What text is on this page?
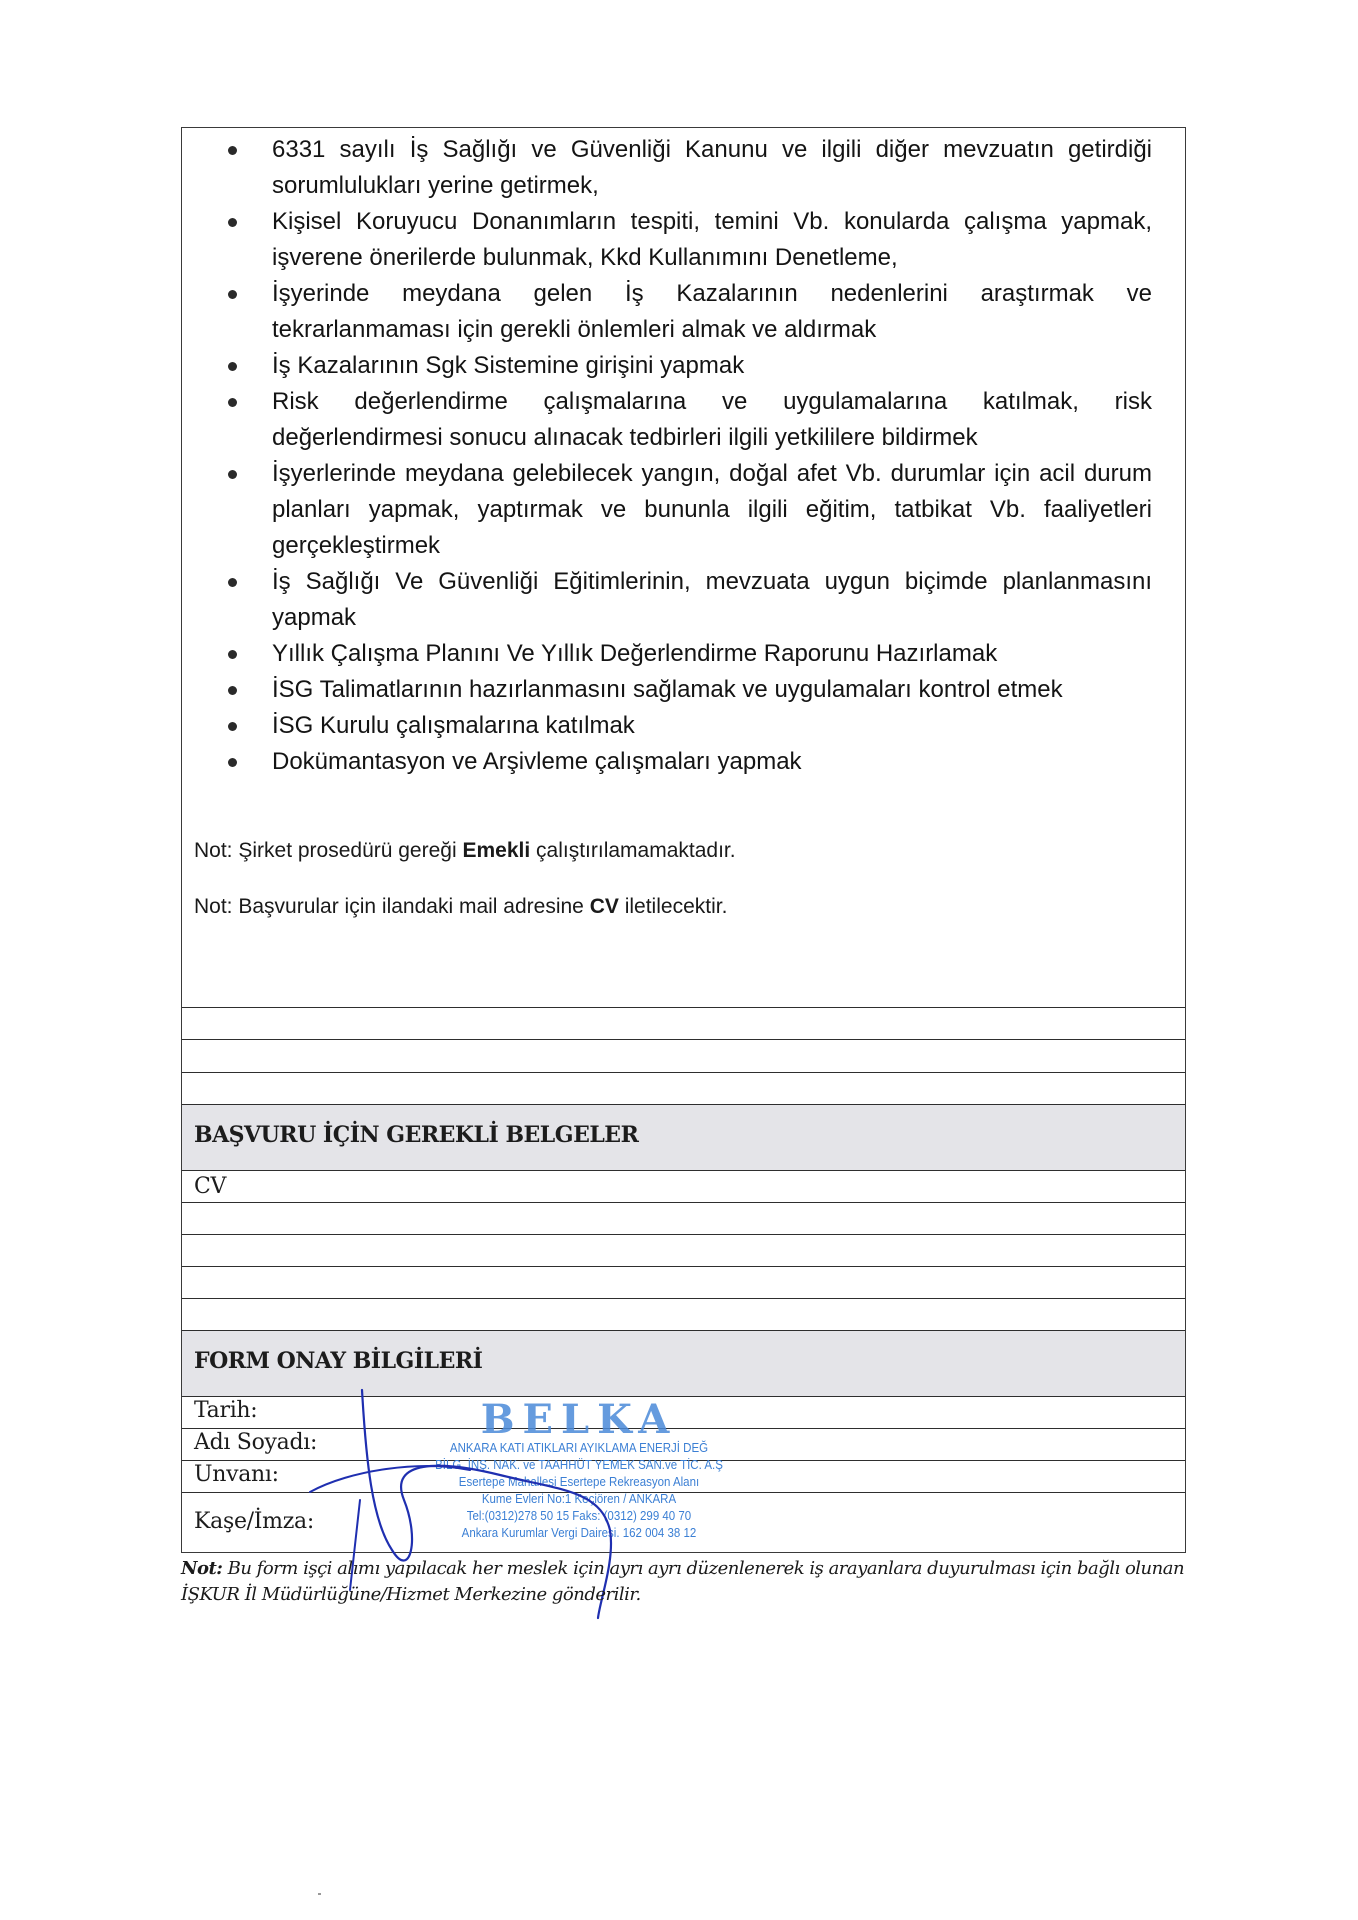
6331 sayılı İş Sağlığı ve Güvenliği Kanunu ve ilgili diğer mevzuatın getirdiği sorumlulukları yerine getirmek,
Kişisel Koruyucu Donanımların tespiti, temini Vb. konularda çalışma yapmak, işverene önerilerde bulunmak, Kkd Kullanımını Denetleme,
İşyerinde meydana gelen İş Kazalarının nedenlerini araştırmak ve tekrarlanmaması için gerekli önlemleri almak ve aldırmak
İş Kazalarının Sgk Sistemine girişini yapmak
Risk değerlendirme çalışmalarına ve uygulamalarına katılmak, risk değerlendirmesi sonucu alınacak tedbirleri ilgili yetkililere bildirmek
İşyerlerinde meydana gelebilecek yangın, doğal afet Vb. durumlar için acil durum planları yapmak, yaptırmak ve bununla ilgili eğitim, tatbikat Vb. faaliyetleri gerçekleştirmek
İş Sağlığı Ve Güvenliği Eğitimlerinin, mevzuata uygun biçimde planlanmasını yapmak
Yıllık Çalışma Planını Ve Yıllık Değerlendirme Raporunu Hazırlamak
İSG Talimatlarının hazırlanmasını sağlamak ve uygulamaları kontrol etmek
İSG Kurulu çalışmalarına katılmak
Dokümantasyon ve Arşivleme çalışmaları yapmak
Not: Şirket prosedürü gereği Emekli çalıştırılamamaktadır.
Not: Başvurular için ilandaki mail adresine CV iletilecektir.
BAŞVURU İÇİN GEREKLİ BELGELER
CV
FORM ONAY BİLGİLERİ
Tarih:
Adı Soyadı:
Unvanı:
Kaşe/İmza:
BELKA
ANKARA KATI ATIKLARI AYIKLAMA ENERJİ DEĞ
BİLG. İNŞ. NAK. ve TAAHHÜT YEMEK SAN.ve TİC. A.Ş
Esertepe Mahallesi Esertepe Rekreasyon Alanı
Kume Evleri No:1 Keçiören / ANKARA
Tel:(0312)278 50 15 Faks: (0312) 299 40 70
Ankara Kurumlar Vergi Dairesi. 162 004 38 12
Not: Bu form işçi alımı yapılacak her meslek için ayrı ayrı düzenlenerek iş arayanlara duyurulması için bağlı olunan İŞKUR İl Müdürlüğüne/Hizmet Merkezine gönderilir.
